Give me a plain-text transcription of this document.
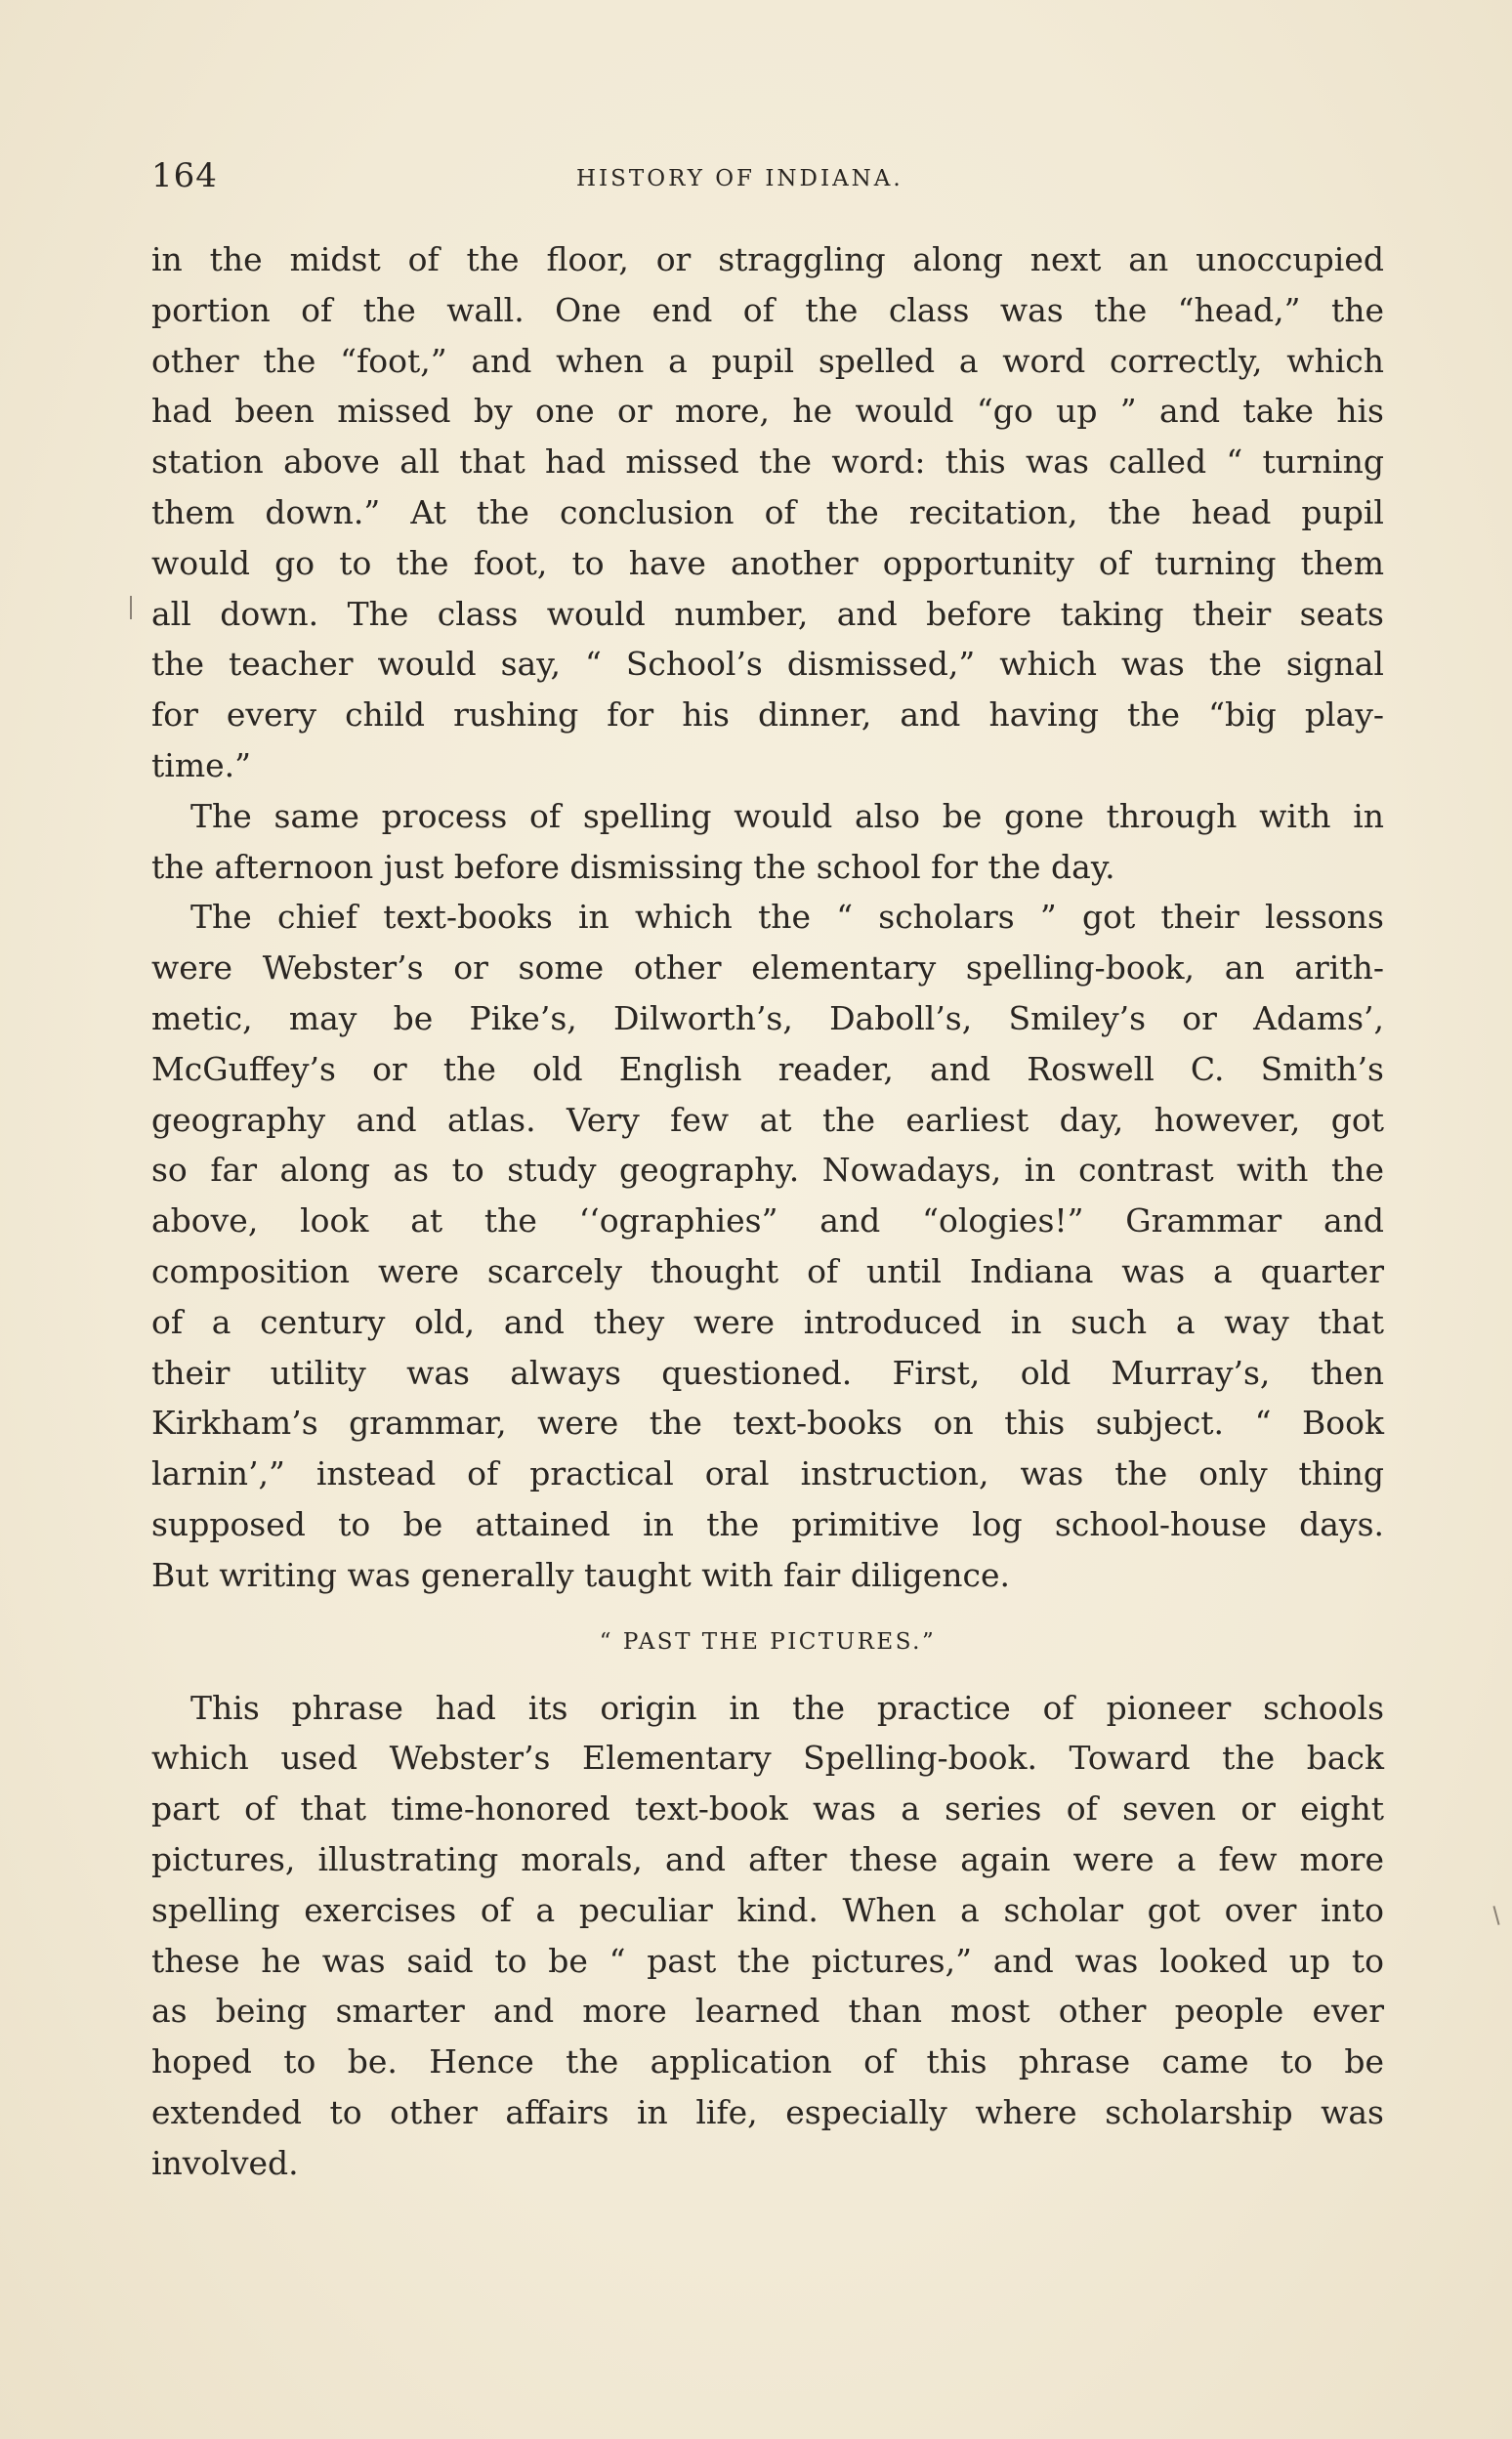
164	HISTORY OF INDIANA.
in the midst of the floor, or straggling along next an unoccupied
portion of the wall. One end of the class was the “head,” the
other the “foot,” and when a pupil spelled a word correctly, which
had been missed by one or more, he would “go up ” and take his
station above all that had missed the word: this was called “ turning
them down.” At the conclusion of the recitation, the head pupil
would go to the foot, to have another opportunity of turning them
all down. The class would number, and before taking their seats
the teacher would say, “ School’s dismissed,” which was the signal
for every child rushing for his dinner, and having the “big play-
time.”
The same process of spelling would also be gone through with in
the afternoon just before dismissing the school for the day.
The chief text-books in which the “ scholars ” got their lessons
were Webster’s or some other elementary spelling-book, an arith-
metic, may be Pike’s, Dilworth’s, Daboll’s, Smiley’s or Adams’,
McGuffey’s or the old English reader, and Roswell C. Smith’s
geography and atlas. Very few at the earliest day, however, got
so far along as to study geography. Nowadays, in contrast with the
above, look at the ‘‘ographies” and “ologies!” Grammar and
composition were scarcely thought of until Indiana was a quarter
of a century old, and they were introduced in such a way that
their utility was always questioned. First, old Murray’s, then
Kirkham’s grammar, were the text-books on this subject. “ Book
larnin’,” instead of practical oral instruction, was the only thing
supposed to be attained in the primitive log school-house days.
But writing was generally taught with fair diligence.
“ PAST THE PICTURES.”
This phrase had its origin in the practice of pioneer schools
which used Webster’s Elementary Spelling-book. Toward the back
part of that time-honored text-book was a series of seven or eight
pictures, illustrating morals, and after these again were a few more
spelling exercises of a peculiar kind. When a scholar got over into
these he was said to be “ past the pictures,” and was looked up to
as being smarter and more learned than most other people ever
hoped to be. Hence the application of this phrase came to be
extended to other affairs in life, especially where scholarship was
involved.
